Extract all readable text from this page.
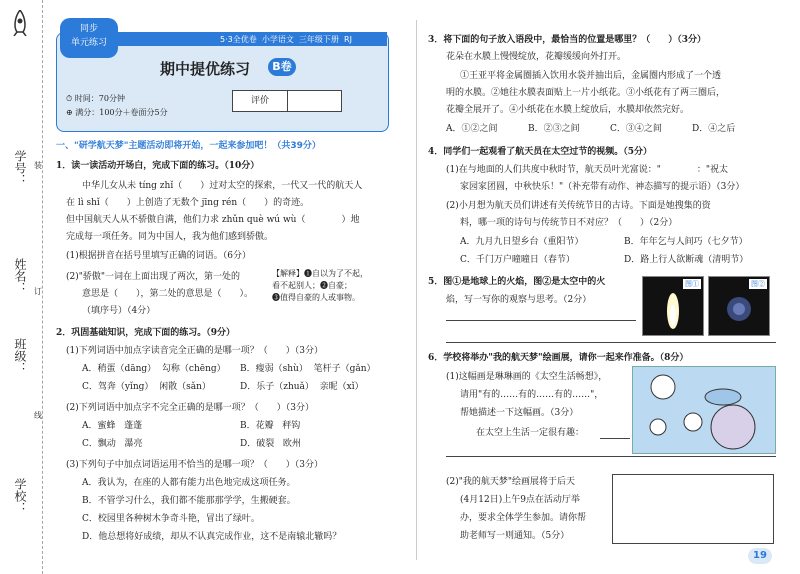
学号：
姓名：
班级：
学校：
装
订
线
5·3全优卷 小学语文 三年级下册 RJ
同步
单元练习
期中提优练习	B卷
⏱ 时间：70分钟
⊕ 满分：100分＋卷面分5分
评价
一、"研学航天梦"主题活动即将开始，一起来参加吧！（共39分）
1．读一读活动开场白，完成下面的练习。（10分）
中华儿女从未 tíng zhǐ（　　）过对太空的探索，一代又一代的航天人
在 lì shǐ（　　）上创造了无数个 jīng rén（　　）的奇迹。
但中国航天人从不骄傲自满，他们力求 zhǔn què wú wù（　　　　）地
完成每一项任务。同为中国人，我为他们感到骄傲。
(1)根据拼音在括号里填写正确的词语。（6分）
(2)"骄傲"一词在上面出现了两次，第一处的
意思是（　　），第二处的意思是（　　）。
（填序号）（4分）
【解释】❶自以为了不起，
看不起别人；❷自豪；
❸值得自豪的人或事物。
2．巩固基础知识，完成下面的练习。（9分）
(1)下列词语中加点字读音完全正确的是哪一项？（　　）（3分）
A．稍蛋（dāng） 勾称（chēng） B．瘦弱（shù） 笔杆子（gǎn）
C．驾奔（yǐng） 闲散（sǎn）	D．乐子（zhuǎ） 亲昵（xǐ）
(2)下列词语中加点字不完全正确的是哪一项？（　　）（3分）
A．蜜蜂 蓬蓬	B．花瓣 秤钩
C．飘动 瀑亮	D．破裂 欧州
(3)下列句子中加点词语运用不恰当的是哪一项？（　　）（3分）
A．我认为，在座的人都有能力出色地完成这项任务。
B．不管学习什么，我们都不能那那学学，生搬硬套。
C．校园里各种树木争奇斗艳，冒出了绿叶。
D．他总想将好成绩，却从不认真完成作业，这不是南辕北辙吗？
3．将下面的句子放入语段中，最恰当的位置是哪里？（　　）（3分）
花朵在水膜上慢慢绽放，花瓣缓缓向外打开。
①王亚平将金属圈插入饮用水袋并抽出后，金属圈内形成了一个透
明的水膜。②她往水膜表面贴上一片小纸花。③小纸花有了两三圈后，
花瓣全展开了。④小纸花在水膜上绽放后，水膜却依然完好。
A．①②之间	B．②③之间	C．③④之间	D．④之后
4．同学们一起观看了航天员在太空过节的视频。（5分）
(1)在与地面的人们共度中秋时节，航天员叶光富说："　　　　："祝太
家园家团圆，中秋快乐！"（补充带有动作、神态描写的提示语）（3分）
(2)小月想为航天员们讲述有关传统节日的古诗。下面是她搜集的资
料，哪一项的诗句与传统节日不对应？（　　）（2分）
A．九月九日望乡台（重阳节）	B．年年乞与人间巧（七夕节）
C．千门万户曈曈日（春节）	D．路上行人欲断魂（清明节）
5．图①是地球上的火焰，图②是太空中的火
焰，写一写你的观察与思考。（2分）
图①	图②
6．学校将举办"我的航天梦"绘画展，请你一起来作准备。（8分）
(1)这幅画是琳琳画的《太空生活畅想》，
请用"有的……有的……有的……"，
帮她描述一下这幅画。（3分）
在太空上生活一定很有趣：
(2)"我的航天梦"绘画展将于后天
(4月12日)上午9点在活动厅举
办，要求全体学生参加。请你帮
助老师写一则通知。（5分）
19
